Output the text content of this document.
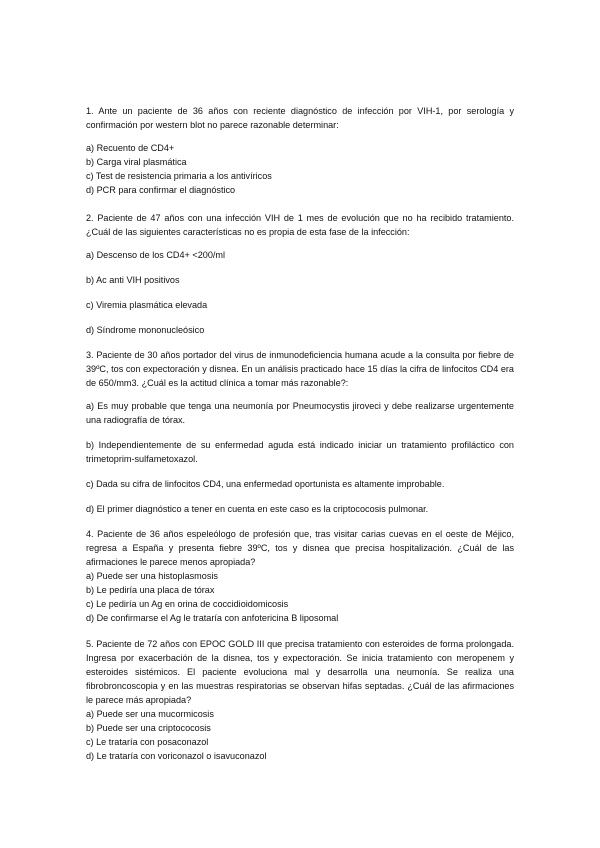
1. Ante un paciente de 36 años con reciente diagnóstico de infección por VIH-1, por serología y confirmación por western blot no parece razonable determinar:

a) Recuento de CD4+
b) Carga viral plasmática
c) Test de resistencia primaria a los antivíricos
d) PCR para confirmar el diagnóstico

2. Paciente de 47 años con una infección VIH de 1 mes de evolución que no ha recibido tratamiento. ¿Cuál de las siguientes características no es propia de esta fase de la infección:

a) Descenso de los CD4+ <200/ml
b) Ac anti VIH positivos
c) Viremia plasmática elevada
d) Síndrome mononucleósico

3. Paciente de 30 años portador del virus de inmunodeficiencia humana acude a la consulta por fiebre de 39ºC, tos con expectoración y disnea. En un análisis practicado hace 15 días la cifra de linfocitos CD4 era de 650/mm3. ¿Cuál es la actitud clínica a tomar más razonable?:

a) Es muy probable que tenga una neumonía por Pneumocystis jiroveci y debe realizarse urgentemente una radiografía de tórax.

b) Independientemente de su enfermedad aguda está indicado iniciar un tratamiento profiláctico con trimetoprim-sulfametoxazol.

c) Dada su cifra de linfocitos CD4, una enfermedad oportunista es altamente improbable.

d) El primer diagnóstico a tener en cuenta en este caso es la criptococosis pulmonar.

4. Paciente de 36 años espeleólogo de profesión que, tras visitar carias cuevas en el oeste de Méjico, regresa a España y presenta fiebre 39ºC, tos y disnea que precisa hospitalización. ¿Cuál de las afirmaciones le parece menos apropiada?

a) Puede ser una histoplasmosis
b) Le pediría una placa de tórax
c) Le pediría un Ag en orina de coccidioidomicosis
d) De confirmarse el Ag le trataría con anfotericina B liposomal

5. Paciente de 72 años con EPOC GOLD III que precisa tratamiento con esteroides de forma prolongada. Ingresa por exacerbación de la disnea, tos y expectoración. Se inicia tratamiento con meropenem y esteroides sistémicos. El paciente evoluciona mal y desarrolla una neumonía. Se realiza una fibrobroncoscopia y en las muestras respiratorias se observan hifas septadas. ¿Cuál de las afirmaciones le parece más apropiada?

a) Puede ser una mucormicosis
b) Puede ser una criptococosis
c) Le trataría con posaconazol
d) Le trataría con voriconazol o isavuconazol
